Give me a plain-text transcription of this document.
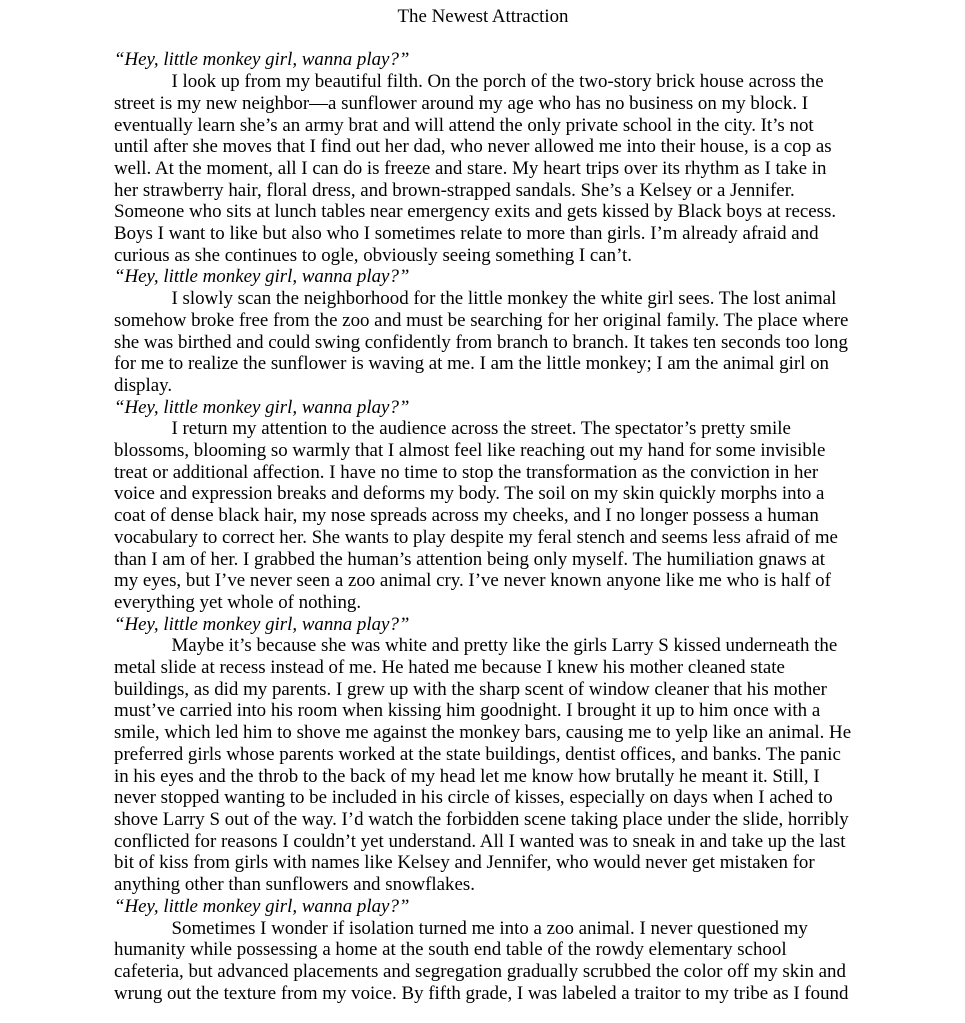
The Newest Attraction

“Hey, little monkey girl, wanna play?”

I look up from my beautiful filth. On the porch of the two-story brick house across the street is my new neighbor—a sunflower around my age who has no business on my block. I eventually learn she’s an army brat and will attend the only private school in the city. It’s not until after she moves that I find out her dad, who never allowed me into their house, is a cop as well. At the moment, all I can do is freeze and stare. My heart trips over its rhythm as I take in her strawberry hair, floral dress, and brown-strapped sandals. She’s a Kelsey or a Jennifer. Someone who sits at lunch tables near emergency exits and gets kissed by Black boys at recess. Boys I want to like but also who I sometimes relate to more than girls. I’m already afraid and curious as she continues to ogle, obviously seeing something I can’t.

“Hey, little monkey girl, wanna play?”

I slowly scan the neighborhood for the little monkey the white girl sees. The lost animal somehow broke free from the zoo and must be searching for her original family. The place where she was birthed and could swing confidently from branch to branch. It takes ten seconds too long for me to realize the sunflower is waving at me. I am the little monkey; I am the animal girl on display.

“Hey, little monkey girl, wanna play?”

I return my attention to the audience across the street. The spectator’s pretty smile blossoms, blooming so warmly that I almost feel like reaching out my hand for some invisible treat or additional affection. I have no time to stop the transformation as the conviction in her voice and expression breaks and deforms my body. The soil on my skin quickly morphs into a coat of dense black hair, my nose spreads across my cheeks, and I no longer possess a human vocabulary to correct her. She wants to play despite my feral stench and seems less afraid of me than I am of her. I grabbed the human’s attention being only myself. The humiliation gnaws at my eyes, but I’ve never seen a zoo animal cry. I’ve never known anyone like me who is half of everything yet whole of nothing.

“Hey, little monkey girl, wanna play?”

Maybe it’s because she was white and pretty like the girls Larry S kissed underneath the metal slide at recess instead of me. He hated me because I knew his mother cleaned state buildings, as did my parents. I grew up with the sharp scent of window cleaner that his mother must’ve carried into his room when kissing him goodnight. I brought it up to him once with a smile, which led him to shove me against the monkey bars, causing me to yelp like an animal. He preferred girls whose parents worked at the state buildings, dentist offices, and banks. The panic in his eyes and the throb to the back of my head let me know how brutally he meant it. Still, I never stopped wanting to be included in his circle of kisses, especially on days when I ached to shove Larry S out of the way. I’d watch the forbidden scene taking place under the slide, horribly conflicted for reasons I couldn’t yet understand. All I wanted was to sneak in and take up the last bit of kiss from girls with names like Kelsey and Jennifer, who would never get mistaken for anything other than sunflowers and snowflakes.

“Hey, little monkey girl, wanna play?”

Sometimes I wonder if isolation turned me into a zoo animal. I never questioned my humanity while possessing a home at the south end table of the rowdy elementary school cafeteria, but advanced placements and segregation gradually scrubbed the color off my skin and wrung out the texture from my voice. By fifth grade, I was labeled a traitor to my tribe as I found
